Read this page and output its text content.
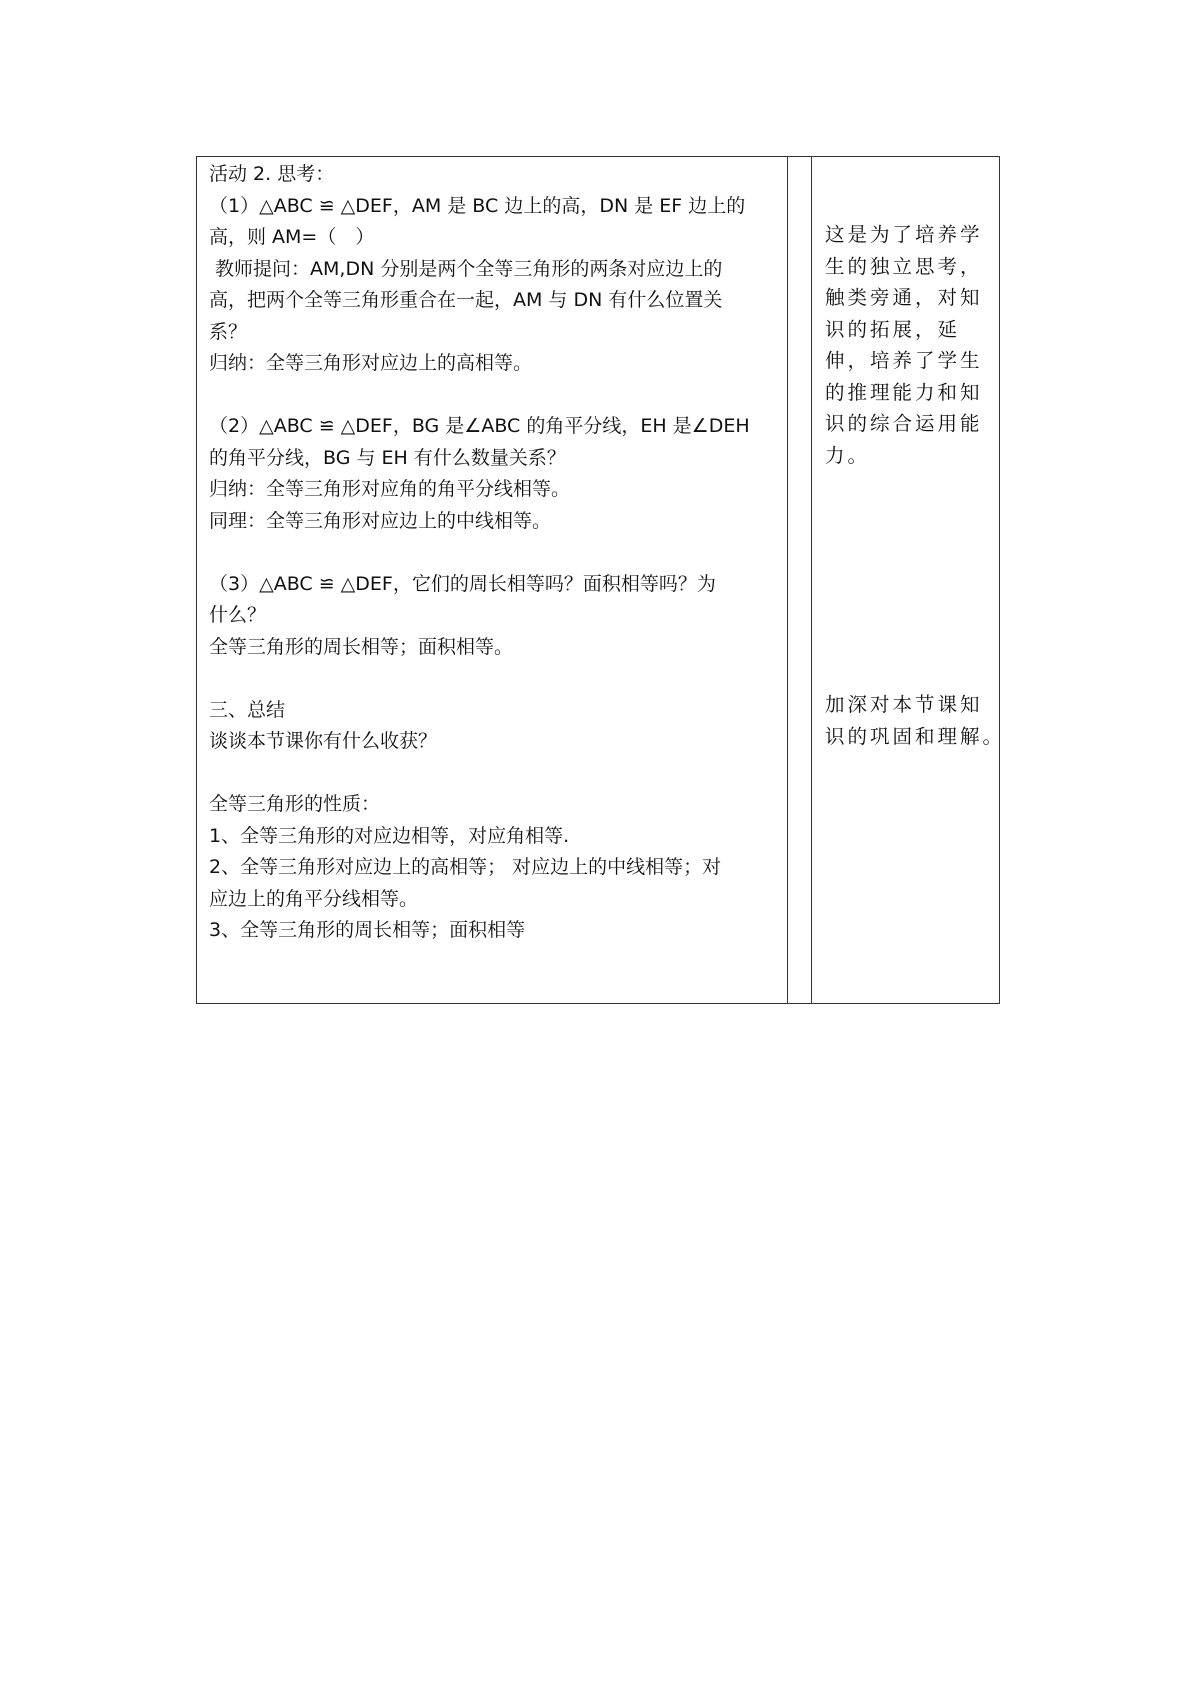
活动 2. 思考：
（1）△ABC ≌ △DEF，AM 是 BC 边上的高，DN 是 EF 边上的
高，则 AM=（　）
教师提问：AM,DN 分别是两个全等三角形的两条对应边上的
高，把两个全等三角形重合在一起，AM 与 DN 有什么位置关
系？
归纳：全等三角形对应边上的高相等。
（2）△ABC ≌ △DEF，BG 是∠ABC 的角平分线，EH 是∠DEH
的角平分线，BG 与 EH 有什么数量关系？
归纳：全等三角形对应角的角平分线相等。
同理：全等三角形对应边上的中线相等。
（3）△ABC ≌ △DEF，它们的周长相等吗？面积相等吗？为
什么？
全等三角形的周长相等；面积相等。
三、总结
谈谈本节课你有什么收获？
全等三角形的性质：
1、全等三角形的对应边相等，对应角相等.
2、全等三角形对应边上的高相等； 对应边上的中线相等；对
应边上的角平分线相等。
3、全等三角形的周长相等；面积相等
这是为了培养学
生的独立思考，
触类旁通，对知
识的拓展，延
伸，培养了学生
的推理能力和知
识的综合运用能
力。
加深对本节课知
识的巩固和理解。
